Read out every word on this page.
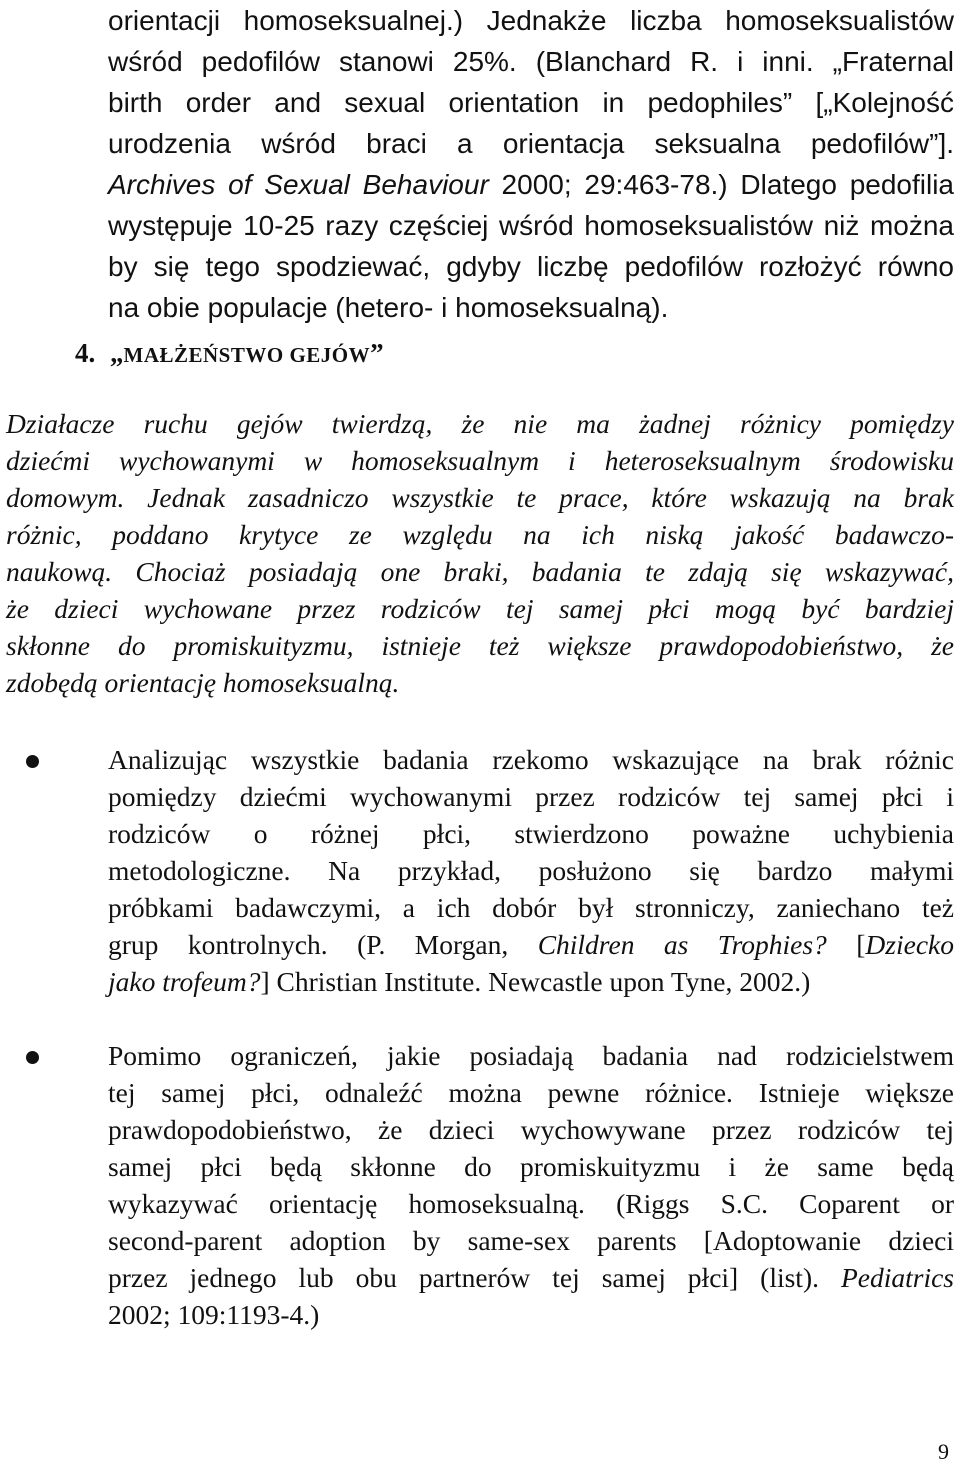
orientacji homoseksualnej.) Jednakże liczba homoseksualistów
wśród pedofilów stanowi 25%. (Blanchard R. i inni. „Fraternal
birth order and sexual orientation in pedophiles” [„Kolejność
urodzenia wśród braci a orientacja seksualna pedofilów”].
Archives of Sexual Behaviour 2000; 29:463-78.) Dlatego pedofilia
występuje 10-25 razy częściej wśród homoseksualistów niż można
by się tego spodziewać, gdyby liczbę pedofilów rozłożyć równo
na obie populacje (hetero- i homoseksualną).
4. „MAŁŻEŃSTWO GEJÓW”
Działacze ruchu gejów twierdzą, że nie ma żadnej różnicy pomiędzy
dziećmi wychowanymi w homoseksualnym i heteroseksualnym środowisku
domowym. Jednak zasadniczo wszystkie te prace, które wskazują na brak
różnic, poddano krytyce ze względu na ich niską jakość badawczo-
naukową. Chociaż posiadają one braki, badania te zdają się wskazywać,
że dzieci wychowane przez rodziców tej samej płci mogą być bardziej
skłonne do promiskuityzmu, istnieje też większe prawdopodobieństwo, że
zdobędą orientację homoseksualną.
Analizując wszystkie badania rzekomo wskazujące na brak różnic
pomiędzy dziećmi wychowanymi przez rodziców tej samej płci i
rodziców o różnej płci, stwierdzono poważne uchybienia
metodologiczne. Na przykład, posłużono się bardzo małymi
próbkami badawczymi, a ich dobór był stronniczy, zaniechano też
grup kontrolnych. (P. Morgan, Children as Trophies? [Dziecko
jako trofeum?] Christian Institute. Newcastle upon Tyne, 2002.)
Pomimo ograniczeń, jakie posiadają badania nad rodzicielstwem
tej samej płci, odnaleźć można pewne różnice. Istnieje większe
prawdopodobieństwo, że dzieci wychowywane przez rodziców tej
samej płci będą skłonne do promiskuityzmu i że same będą
wykazywać orientację homoseksualną. (Riggs S.C. Coparent or
second-parent adoption by same-sex parents [Adoptowanie dzieci
przez jednego lub obu partnerów tej samej płci] (list). Pediatrics
2002; 109:1193-4.)
9
